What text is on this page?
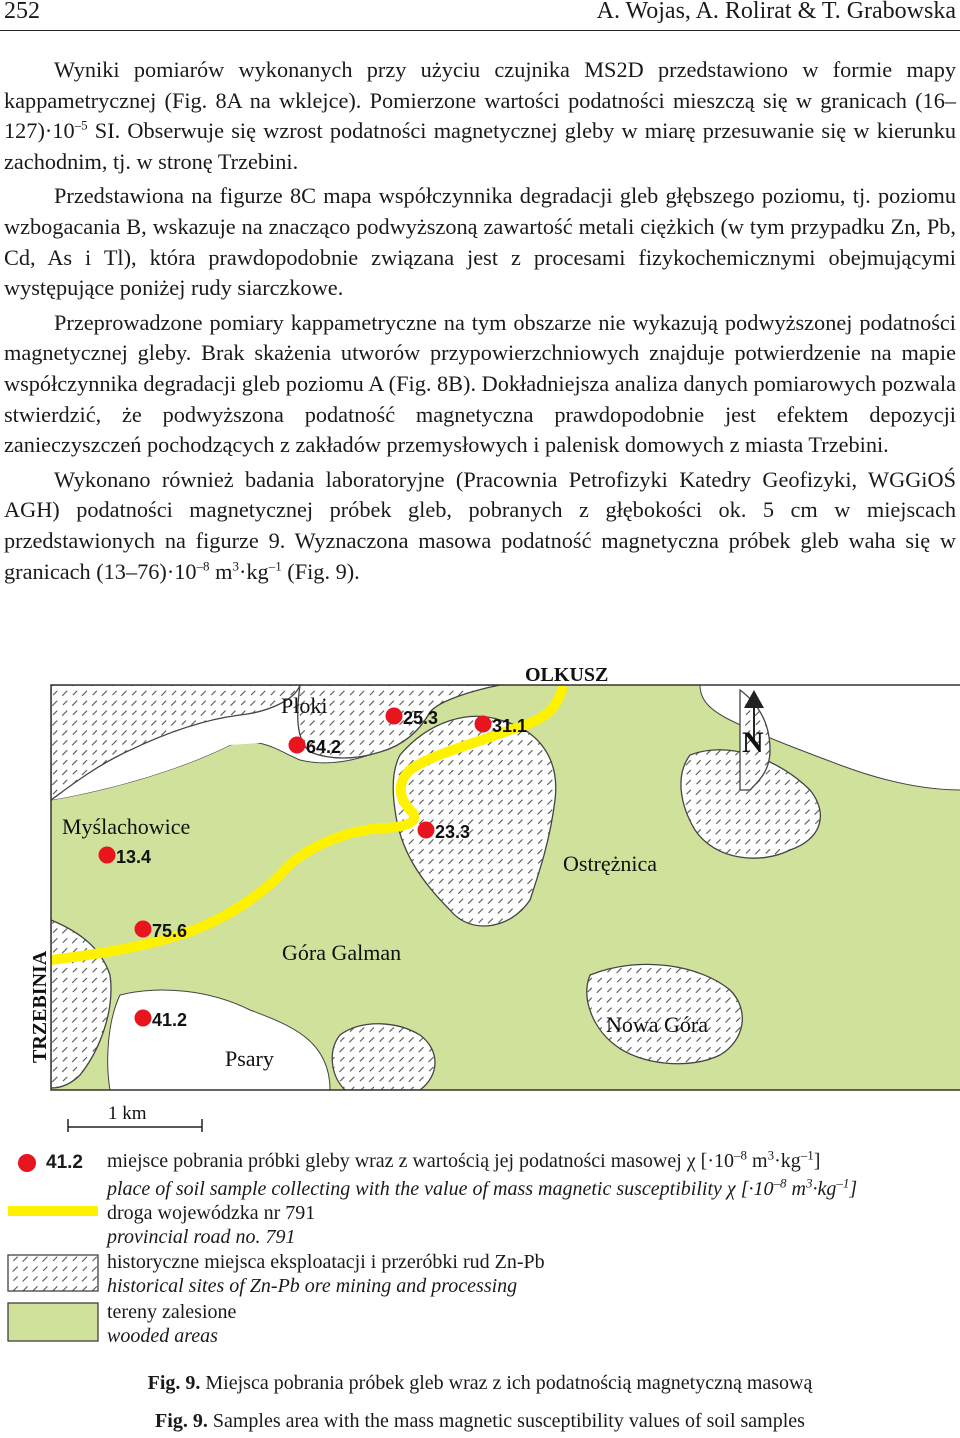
252	A. Wojas, A. Rolirat & T. Grabowska

Wyniki pomiarów wykonanych przy użyciu czujnika MS2D przedstawiono w formie mapy kappametrycznej (Fig. 8A na wklejce). Pomierzone wartości podatności mieszczą się w granicach $(16-127)\cdot 10^{-5}$ SI. Obserwuje się wzrost podatności magnetycznej gleby w miarę przesuwanie się w kierunku zachodnim, tj. w stronę Trzebini.

Przedstawiona na figurze 8C mapa współczynnika degradacji gleb głębszego poziomu, tj. poziomu wzbogacania B, wskazuje na znacząco podwyższoną zawartość metali ciężkich (w tym przypadku Zn, Pb, Cd, As i Tl), która prawdopodobnie związana jest z procesami fizykochemicznymi obejmującymi występujące poniżej rudy siarczkowe.

Przeprowadzone pomiary kappametryczne na tym obszarze nie wykazują podwyższonej podatności magnetycznej gleby. Brak skażenia utworów przypowierzchniowych znajduje potwierdzenie na mapie współczynnika degradacji gleb poziomu A (Fig. 8B). Dokładniejsza analiza danych pomiarowych pozwala stwierdzić, że podwyższona podatność magnetyczna prawdopodobnie jest efektem depozycji zanieczyszczeń pochodzących z zakładów przemysłowych i palenisk domowych z miasta Trzebini.

Wykonano również badania laboratoryjne (Pracownia Petrofizyki Katedry Geofizyki, WGGiOŚ AGH) podatności magnetycznej próbek gleb, pobranych z głębokości ok. 5 cm w miejscach przedstawionych na figurze 9. Wyznaczona masowa podatność magnetyczna próbek gleb waha się w granicach $(13-76)\cdot 10^{-8}$ $m^3\cdot kg^{-1}$ (Fig. 9).

N
OLKUSZ
Płoki
Myślachowice
Ostrężnica
Góra Galman
Nowa Góra
Psary
TRZEBINIA
25.3	31.1
64.2
23.3
13.4
75.6
41.2
1 km
41.2 miejsce pobrania próbki gleby wraz z wartością jej podatności masowej χ [$\cdot 10^{-8}$ $m^3\cdot kg^{-1}$]
place of soil sample collecting with the value of mass magnetic susceptibility χ [$\cdot 10^{-8}$ $m^3\cdot kg^{-1}$]
droga wojewódzka nr 791
provincial road no. 791
historyczne miejsca eksploatacji i przeróbki rud Zn-Pb
historical sites of Zn-Pb ore mining and processing
tereny zalesione
wooded areas
Fig. 9. Miejsca pobrania próbek gleb wraz z ich podatnością magnetyczną masową
Fig. 9. Samples area with the mass magnetic susceptibility values of soil samples
